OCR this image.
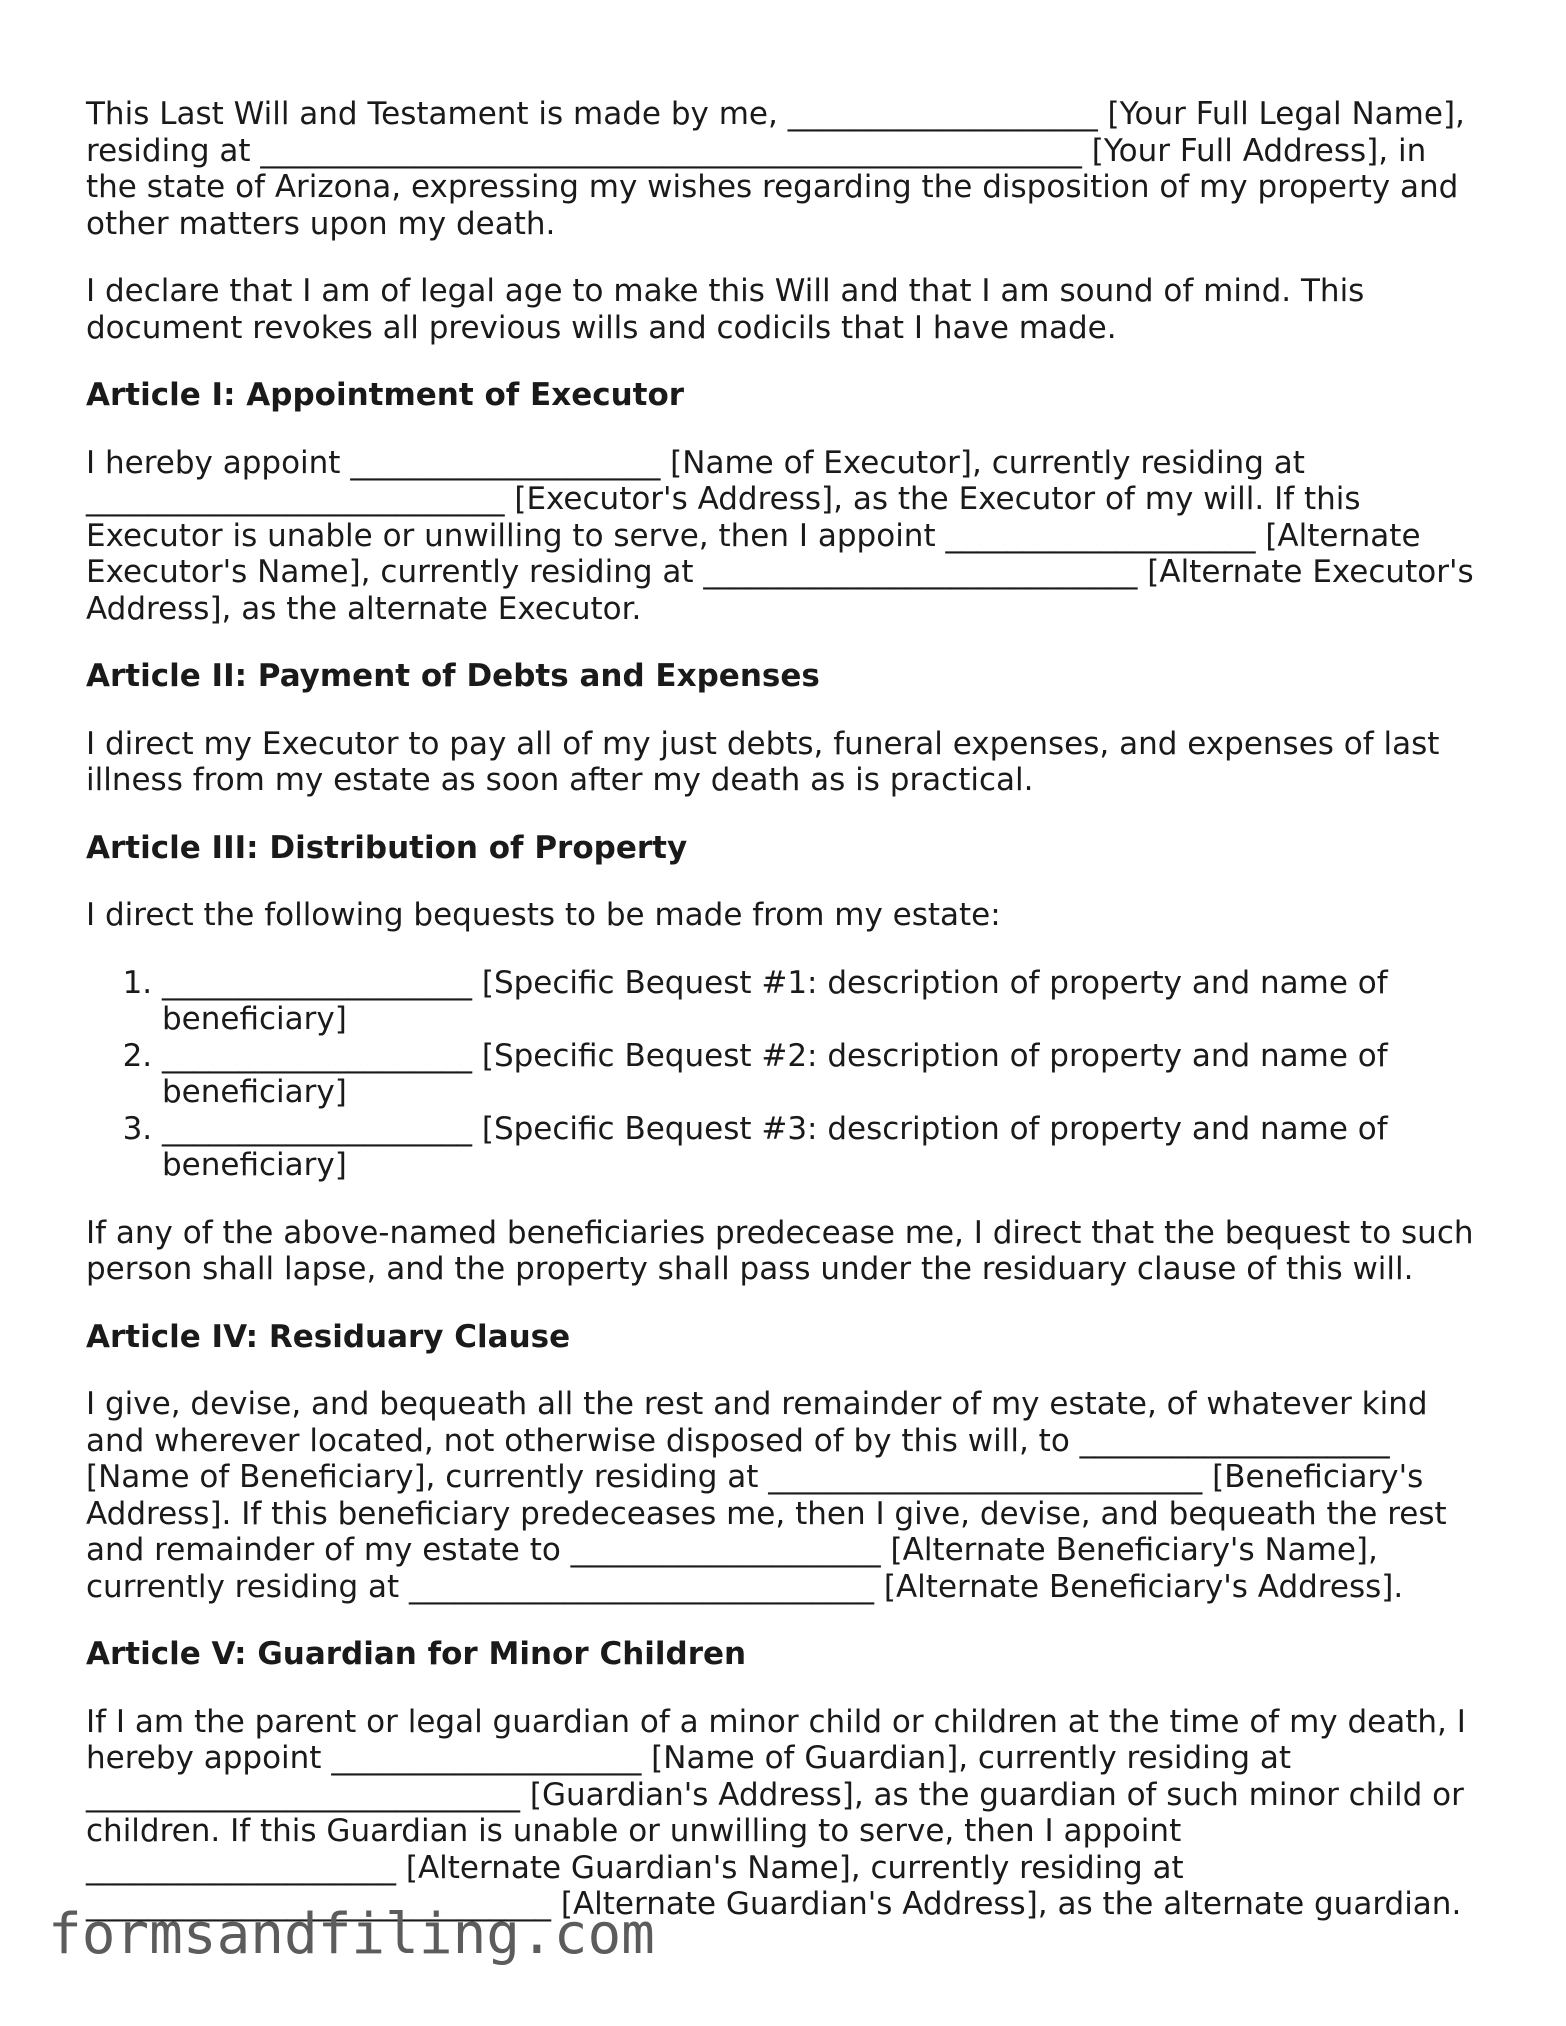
This Last Will and Testament is made by me, ____________________ [Your Full Legal Name], residing at _____________________________________________________ [Your Full Address], in the state of Arizona, expressing my wishes regarding the disposition of my property and other matters upon my death.

I declare that I am of legal age to make this Will and that I am sound of mind. This document revokes all previous wills and codicils that I have made.

Article I: Appointment of Executor

I hereby appoint ____________________ [Name of Executor], currently residing at ___________________________ [Executor's Address], as the Executor of my will. If this Executor is unable or unwilling to serve, then I appoint ____________________ [Alternate Executor's Name], currently residing at ____________________________ [Alternate Executor's Address], as the alternate Executor.

Article II: Payment of Debts and Expenses

I direct my Executor to pay all of my just debts, funeral expenses, and expenses of last illness from my estate as soon after my death as is practical.

Article III: Distribution of Property

I direct the following bequests to be made from my estate:

1. ____________________ [Specific Bequest #1: description of property and name of beneficiary]
2. ____________________ [Specific Bequest #2: description of property and name of beneficiary]
3. ____________________ [Specific Bequest #3: description of property and name of beneficiary]

If any of the above-named beneficiaries predecease me, I direct that the bequest to such person shall lapse, and the property shall pass under the residuary clause of this will.

Article IV: Residuary Clause

I give, devise, and bequeath all the rest and remainder of my estate, of whatever kind and wherever located, not otherwise disposed of by this will, to ____________________ [Name of Beneficiary], currently residing at ____________________________ [Beneficiary's Address]. If this beneficiary predeceases me, then I give, devise, and bequeath the rest and remainder of my estate to ____________________ [Alternate Beneficiary's Name], currently residing at ______________________________ [Alternate Beneficiary's Address].

Article V: Guardian for Minor Children

If I am the parent or legal guardian of a minor child or children at the time of my death, I hereby appoint ____________________ [Name of Guardian], currently residing at ____________________________ [Guardian's Address], as the guardian of such minor child or children. If this Guardian is unable or unwilling to serve, then I appoint ____________________ [Alternate Guardian's Name], currently residing at ______________________________ [Alternate Guardian's Address], as the alternate guardian.

formsandfiling.com
